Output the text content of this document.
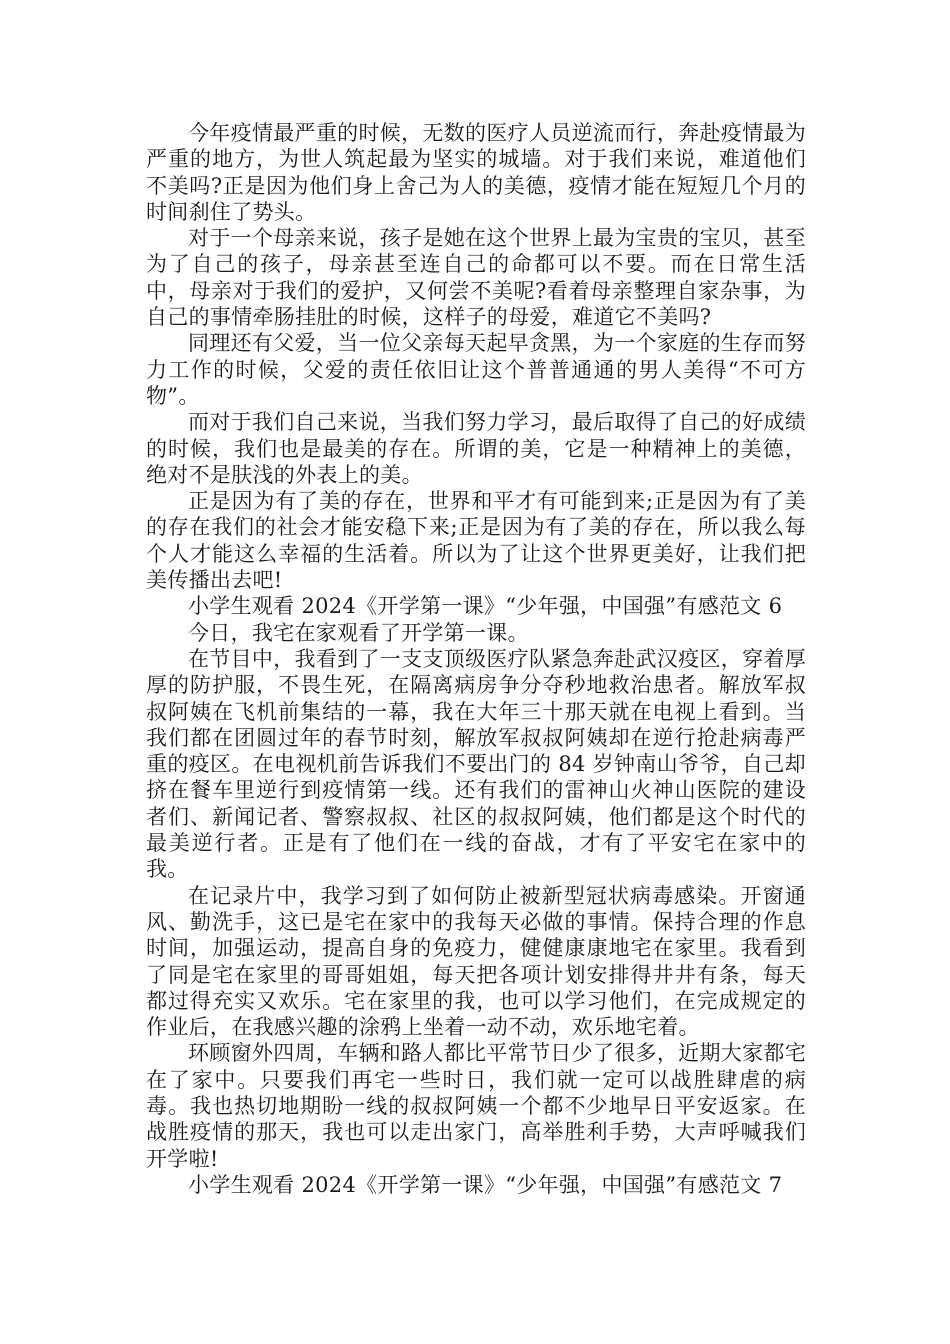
今年疫情最严重的时候，无数的医疗人员逆流而行，奔赴疫情最为严重的地方，为世人筑起最为坚实的城墙。对于我们来说，难道他们不美吗?正是因为他们身上舍己为人的美德，疫情才能在短短几个月的时间刹住了势头。

对于一个母亲来说，孩子是她在这个世界上最为宝贵的宝贝，甚至为了自己的孩子，母亲甚至连自己的命都可以不要。而在日常生活中，母亲对于我们的爱护，又何尝不美呢?看着母亲整理自家杂事，为自己的事情牵肠挂肚的时候，这样子的母爱，难道它不美吗?

同理还有父爱，当一位父亲每天起早贪黑，为一个家庭的生存而努力工作的时候，父爱的责任依旧让这个普普通通的男人美得“不可方物”。

而对于我们自己来说，当我们努力学习，最后取得了自己的好成绩的时候，我们也是最美的存在。所谓的美，它是一种精神上的美德，绝对不是肤浅的外表上的美。

正是因为有了美的存在，世界和平才有可能到来;正是因为有了美的存在我们的社会才能安稳下来;正是因为有了美的存在，所以我么每个人才能这么幸福的生活着。所以为了让这个世界更美好，让我们把美传播出去吧!

小学生观看 2024《开学第一课》“少年强，中国强”有感范文 6

今日，我宅在家观看了开学第一课。

在节目中，我看到了一支支顶级医疗队紧急奔赴武汉疫区，穿着厚厚的防护服，不畏生死，在隔离病房争分夺秒地救治患者。解放军叔叔阿姨在飞机前集结的一幕，我在大年三十那天就在电视上看到。当我们都在团圆过年的春节时刻，解放军叔叔阿姨却在逆行抢赴病毒严重的疫区。在电视机前告诉我们不要出门的 84 岁钟南山爷爷，自己却挤在餐车里逆行到疫情第一线。还有我们的雷神山火神山医院的建设者们、新闻记者、警察叔叔、社区的叔叔阿姨，他们都是这个时代的最美逆行者。正是有了他们在一线的奋战，才有了平安宅在家中的我。

在记录片中，我学习到了如何防止被新型冠状病毒感染。开窗通风、勤洗手，这已是宅在家中的我每天必做的事情。保持合理的作息时间，加强运动，提高自身的免疫力，健健康康地宅在家里。我看到了同是宅在家里的哥哥姐姐，每天把各项计划安排得井井有条，每天都过得充实又欢乐。宅在家里的我，也可以学习他们，在完成规定的作业后，在我感兴趣的涂鸦上坐着一动不动，欢乐地宅着。

环顾窗外四周，车辆和路人都比平常节日少了很多，近期大家都宅在了家中。只要我们再宅一些时日，我们就一定可以战胜肆虐的病毒。我也热切地期盼一线的叔叔阿姨一个都不少地早日平安返家。在战胜疫情的那天，我也可以走出家门，高举胜利手势，大声呼喊我们开学啦!

小学生观看 2024《开学第一课》“少年强，中国强”有感范文 7
